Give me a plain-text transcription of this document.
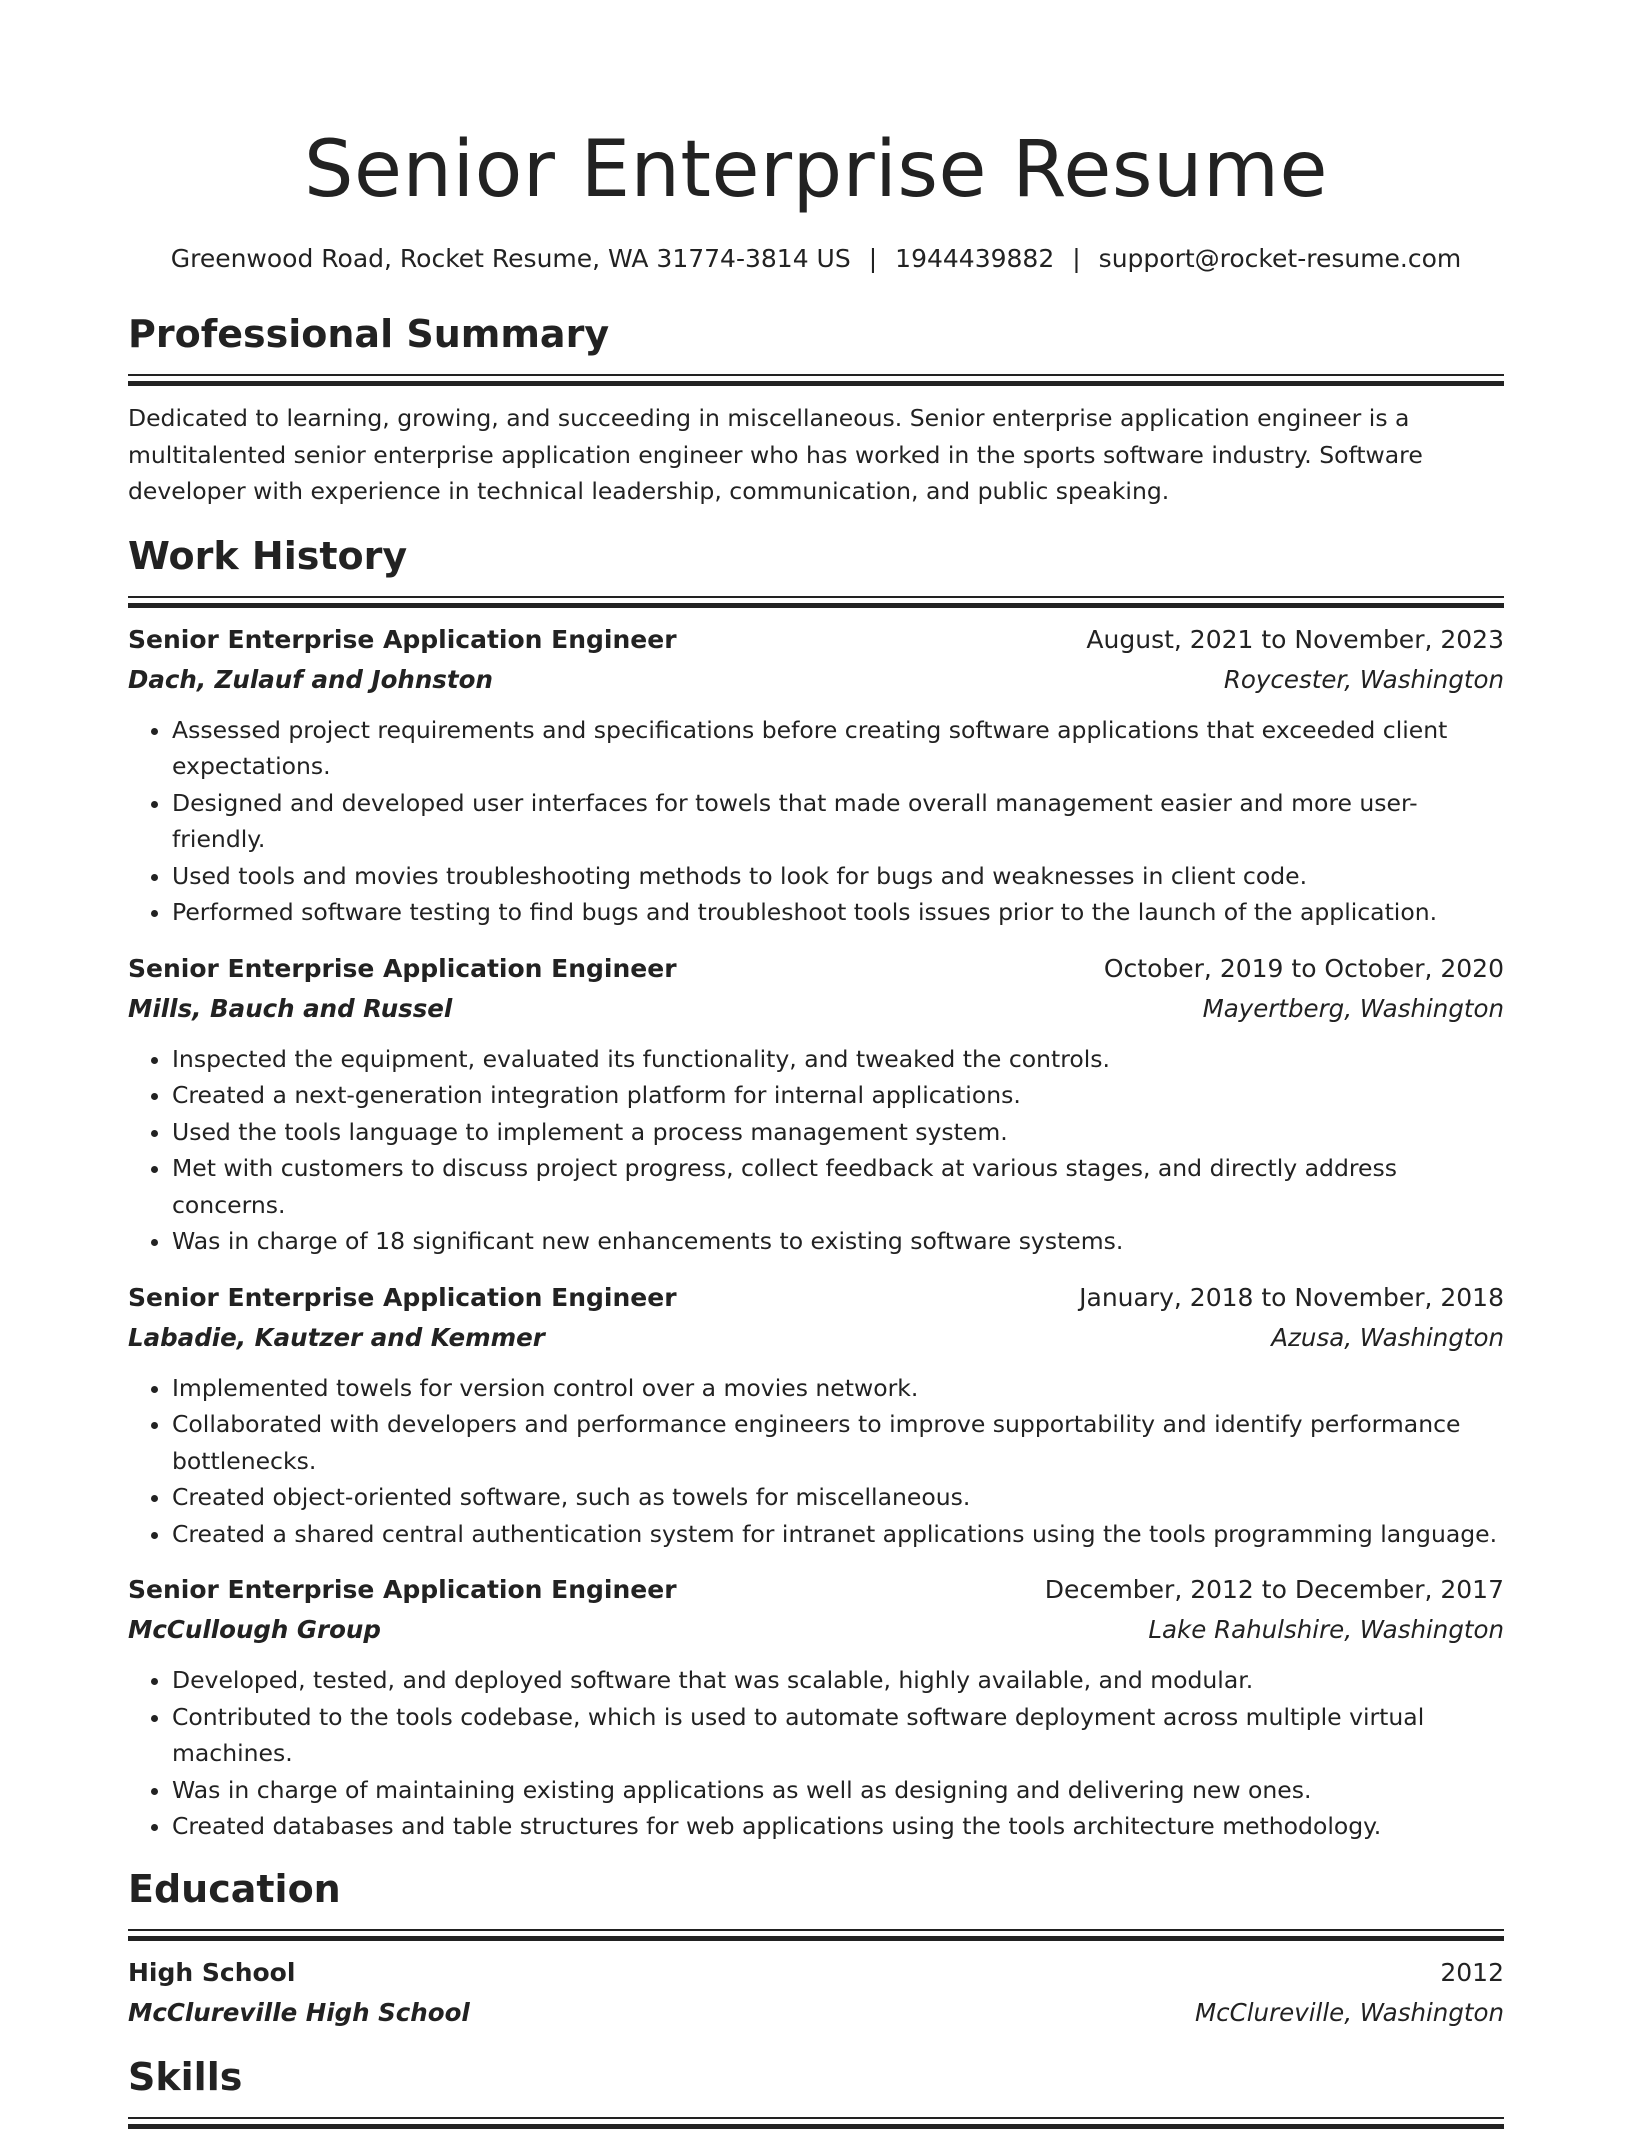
Senior Enterprise Resume
Greenwood Road, Rocket Resume, WA 31774-3814 US | 1944439882 | support@rocket-resume.com
Professional Summary

Dedicated to learning, growing, and succeeding in miscellaneous. Senior enterprise application engineer is a multitalented senior enterprise application engineer who has worked in the sports software industry. Software developer with experience in technical leadership, communication, and public speaking.

Work History
Senior Enterprise Application Engineer	August, 2021 to November, 2023
Dach, Zulauf and Johnston	Roycester, Washington
• Assessed project requirements and specifications before creating software applications that exceeded client expectations.
• Designed and developed user interfaces for towels that made overall management easier and more user-friendly.
• Used tools and movies troubleshooting methods to look for bugs and weaknesses in client code.
• Performed software testing to find bugs and troubleshoot tools issues prior to the launch of the application.
Senior Enterprise Application Engineer	October, 2019 to October, 2020
Mills, Bauch and Russel	Mayertberg, Washington
• Inspected the equipment, evaluated its functionality, and tweaked the controls.
• Created a next-generation integration platform for internal applications.
• Used the tools language to implement a process management system.
• Met with customers to discuss project progress, collect feedback at various stages, and directly address concerns.
• Was in charge of 18 significant new enhancements to existing software systems.
Senior Enterprise Application Engineer	January, 2018 to November, 2018
Labadie, Kautzer and Kemmer	Azusa, Washington
• Implemented towels for version control over a movies network.
• Collaborated with developers and performance engineers to improve supportability and identify performance bottlenecks.
• Created object-oriented software, such as towels for miscellaneous.
• Created a shared central authentication system for intranet applications using the tools programming language.
Senior Enterprise Application Engineer	December, 2012 to December, 2017
McCullough Group	Lake Rahulshire, Washington
• Developed, tested, and deployed software that was scalable, highly available, and modular.
• Contributed to the tools codebase, which is used to automate software deployment across multiple virtual machines.
• Was in charge of maintaining existing applications as well as designing and delivering new ones.
• Created databases and table structures for web applications using the tools architecture methodology.
Education
High School	2012
McClureville High School	McClureville, Washington
Skills
